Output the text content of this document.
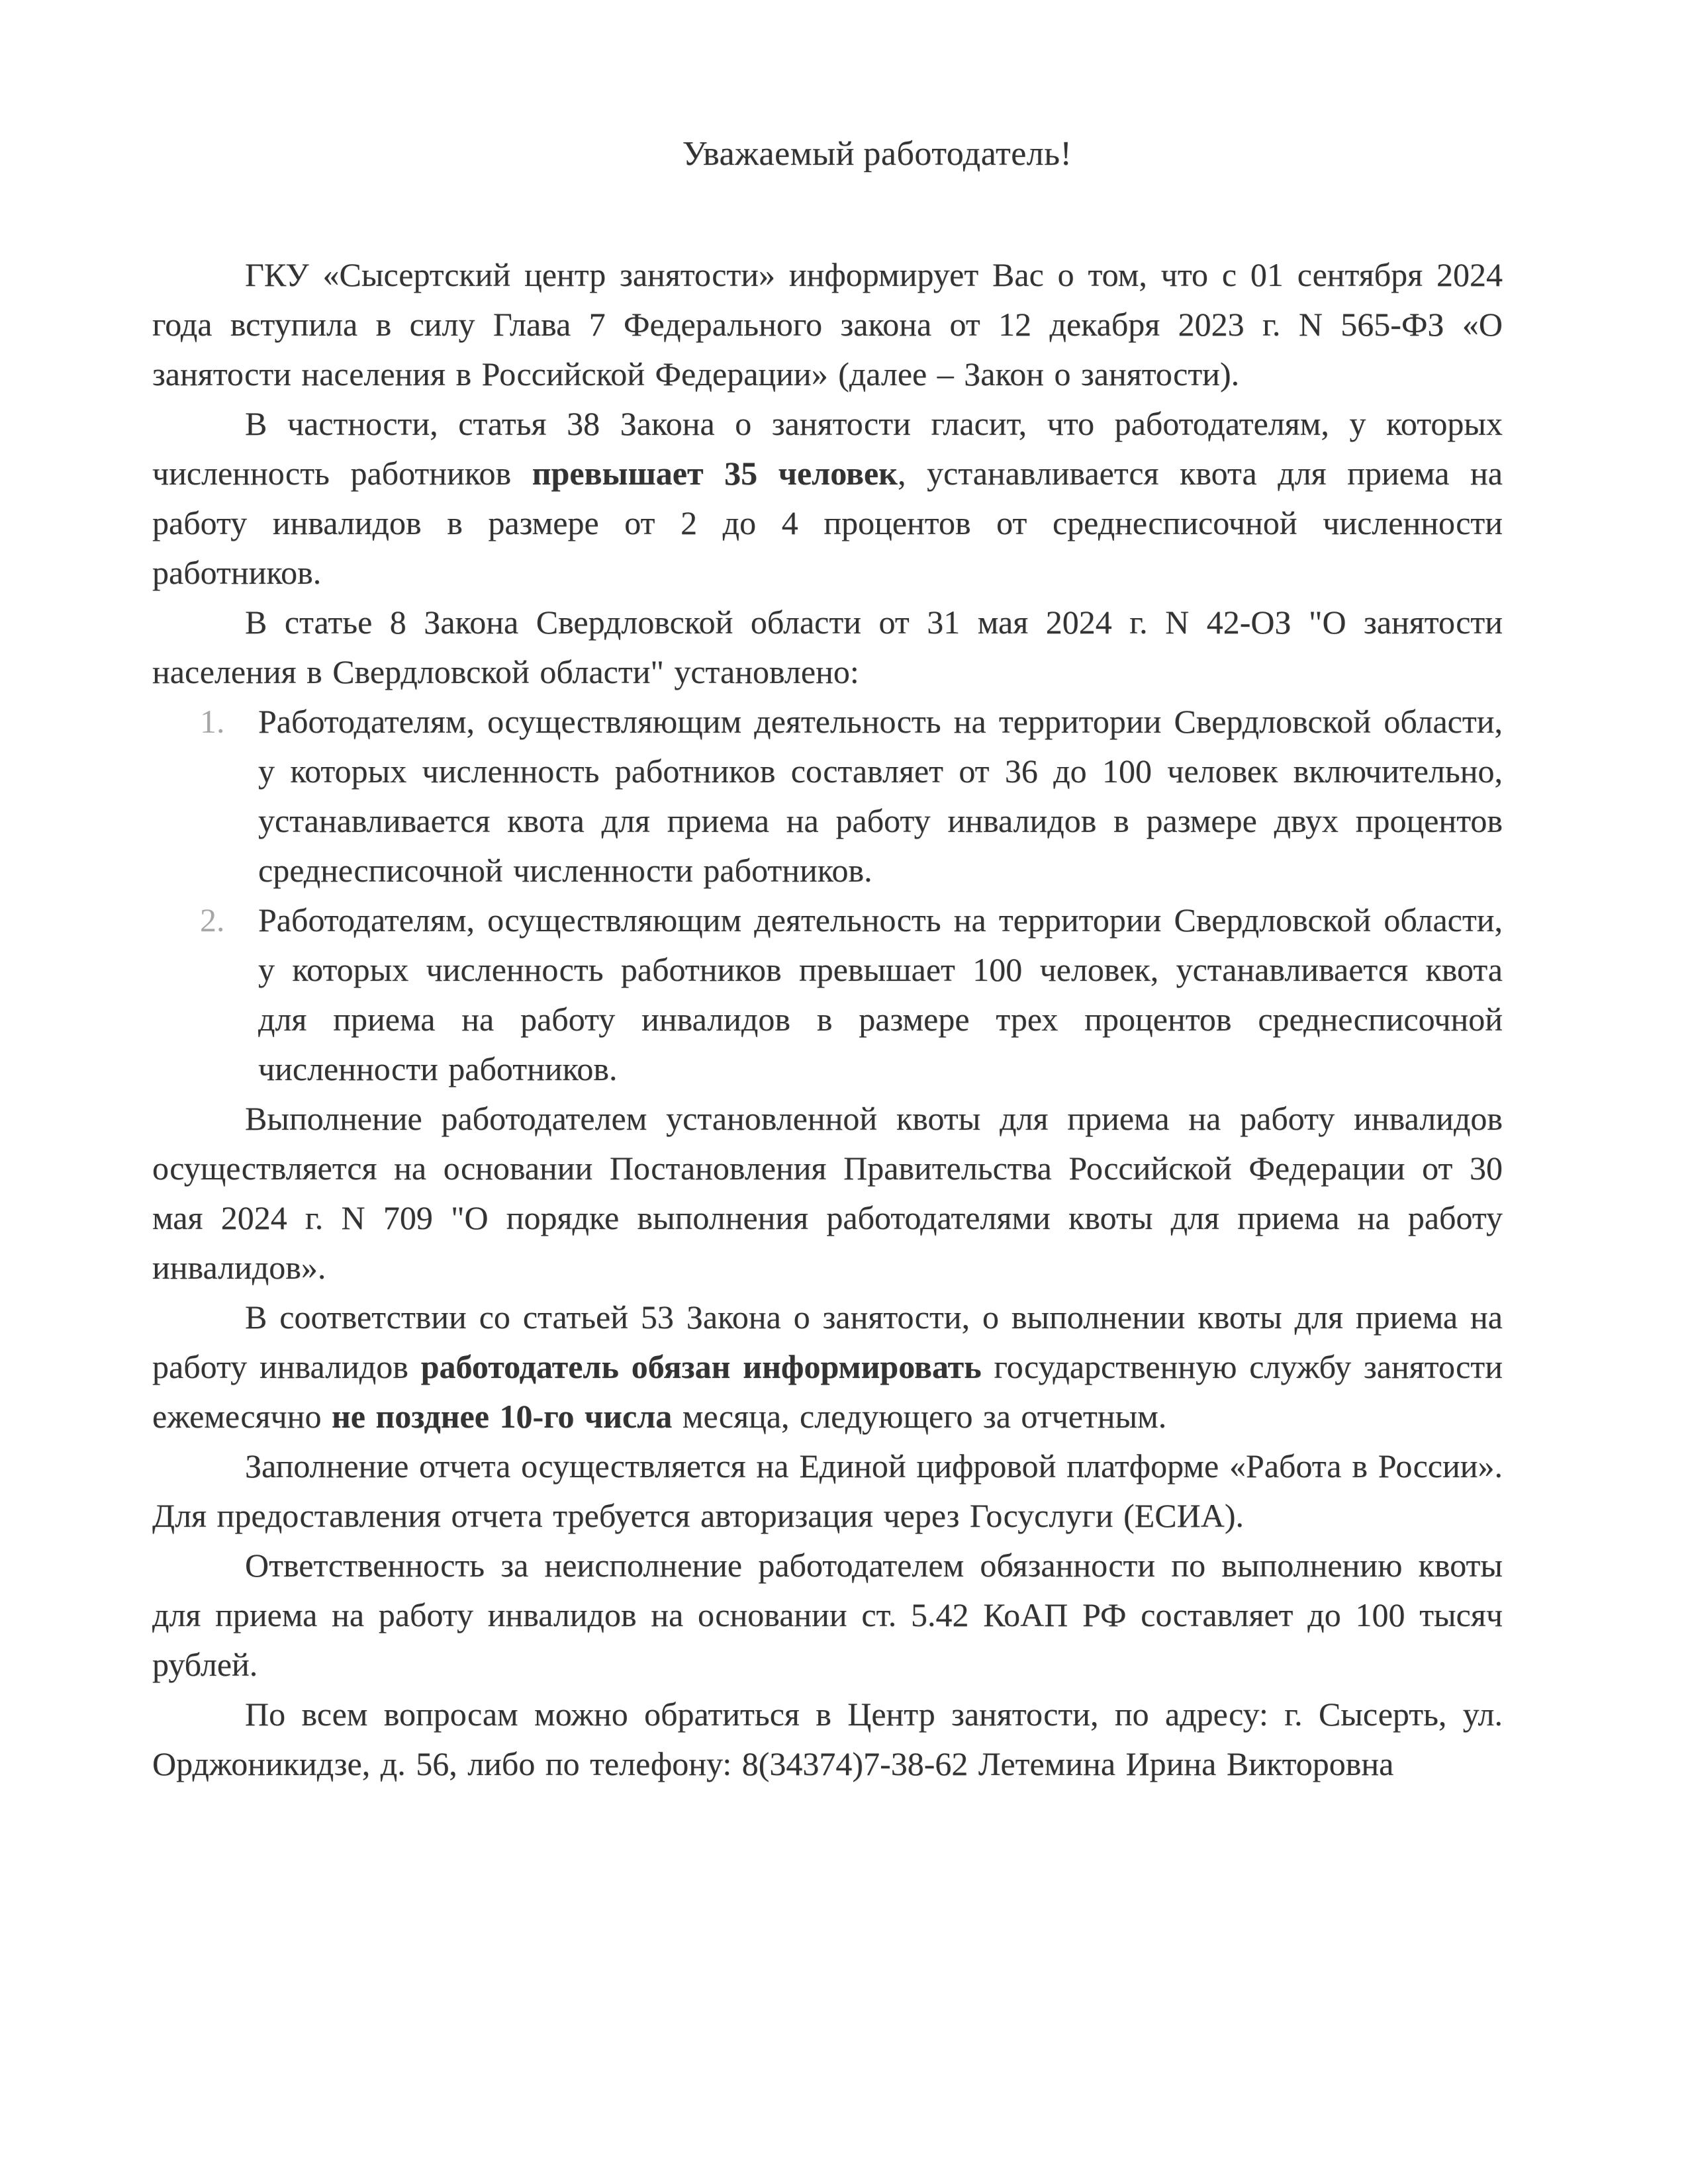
Уважаемый работодатель!

ГКУ «Сысертский центр занятости» информирует Вас о том, что с 01 сентября 2024 года вступила в силу Глава 7 Федерального закона от 12 декабря 2023 г. N 565-ФЗ «О занятости населения в Российской Федерации» (далее – Закон о занятости).

В частности, статья 38 Закона о занятости гласит, что работодателям, у которых численность работников превышает 35 человек, устанавливается квота для приема на работу инвалидов в размере от 2 до 4 процентов от среднесписочной численности работников.

В статье 8 Закона Свердловской области от 31 мая 2024 г. N 42-ОЗ "О занятости населения в Свердловской области" установлено:

1. Работодателям, осуществляющим деятельность на территории Свердловской области, у которых численность работников составляет от 36 до 100 человек включительно, устанавливается квота для приема на работу инвалидов в размере двух процентов среднесписочной численности работников.
2. Работодателям, осуществляющим деятельность на территории Свердловской области, у которых численность работников превышает 100 человек, устанавливается квота для приема на работу инвалидов в размере трех процентов среднесписочной численности работников.

Выполнение работодателем установленной квоты для приема на работу инвалидов осуществляется на основании Постановления Правительства Российской Федерации от 30 мая 2024 г. N 709 "О порядке выполнения работодателями квоты для приема на работу инвалидов».

В соответствии со статьей 53 Закона о занятости, о выполнении квоты для приема на работу инвалидов работодатель обязан информировать государственную службу занятости ежемесячно не позднее 10-го числа месяца, следующего за отчетным.

Заполнение отчета осуществляется на Единой цифровой платформе «Работа в России». Для предоставления отчета требуется авторизация через Госуслуги (ЕСИА).

Ответственность за неисполнение работодателем обязанности по выполнению квоты для приема на работу инвалидов на основании ст. 5.42 КоАП РФ составляет до 100 тысяч рублей.

По всем вопросам можно обратиться в Центр занятости, по адресу: г. Сысерть, ул. Орджоникидзе, д. 56, либо по телефону: 8(34374)7-38-62 Летемина Ирина Викторовна
